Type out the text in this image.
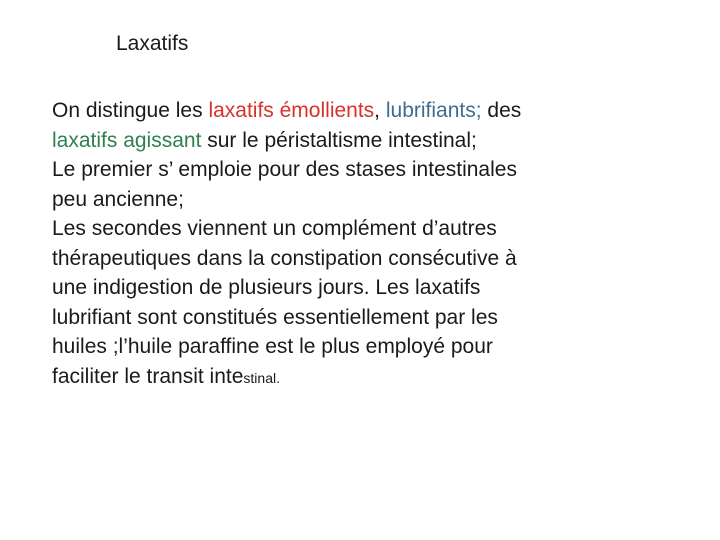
Laxatifs
On distingue les laxatifs émollients, lubrifiants; des
laxatifs agissant sur le péristaltisme intestinal;
Le premier s’ emploie pour des stases intestinales
peu ancienne;
Les secondes viennent un complément d’autres
thérapeutiques dans la constipation consécutive à
une indigestion de plusieurs jours. Les laxatifs
lubrifiant sont constitués essentiellement par les
huiles ;l’huile paraffine est le plus employé pour
faciliter le transit intestinal.
